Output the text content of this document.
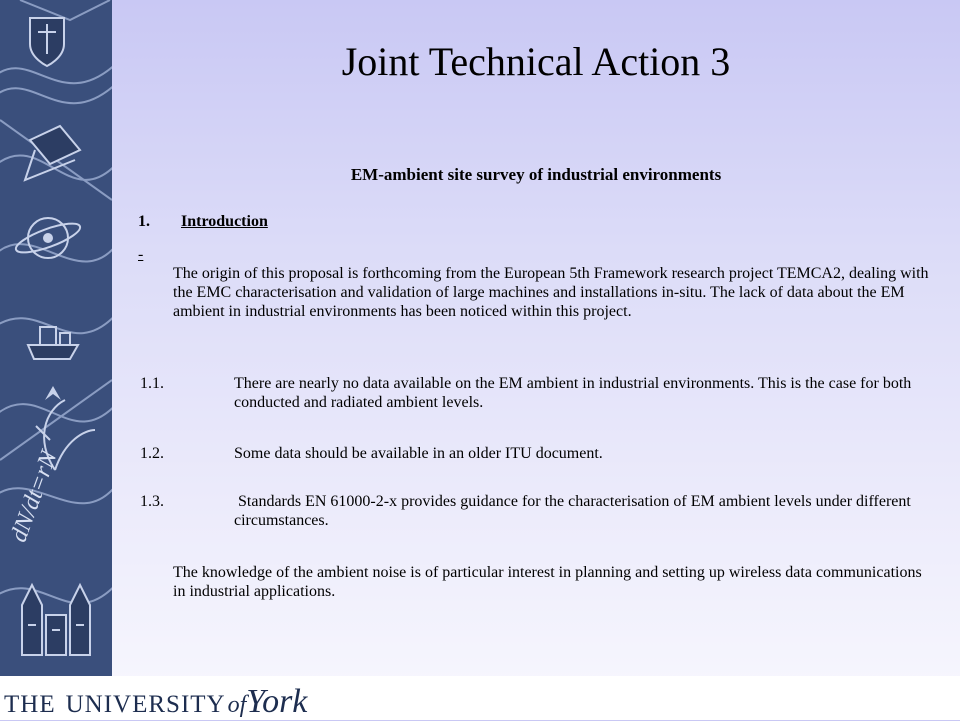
dN/dt=rN
THE UNIVERSITY of York
Joint Technical Action 3
EM-ambient site survey of industrial environments
1. Introduction
-
The origin of this proposal is forthcoming from the European 5th Framework research project TEMCA2, dealing with the EMC characterisation and validation of large machines and installations in-situ. The lack of data about the EM ambient in industrial environments has been noticed within this project.
1.1.	There are nearly no data available on the EM ambient in industrial environments. This is the case for both conducted and radiated ambient levels.
1.2.	Some data should be available in an older ITU document.
1.3.	Standards EN 61000-2-x provides guidance for the characterisation of EM ambient levels under different circumstances.
The knowledge of the ambient noise is of particular interest in planning and setting up wireless data communications in industrial applications.
